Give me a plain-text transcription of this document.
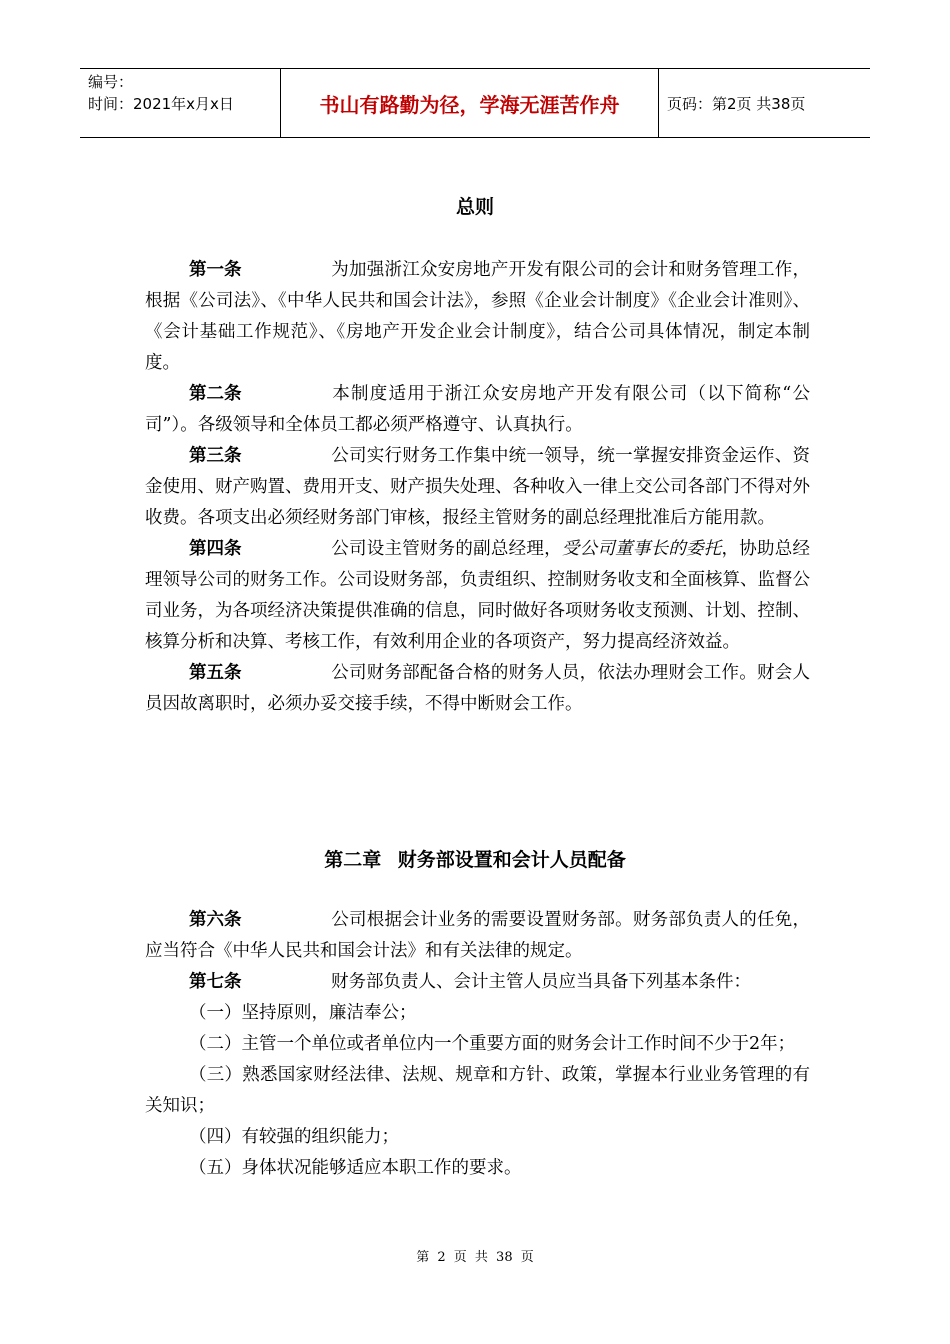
编号：
时间：2021年x月x日	书山有路勤为径，学海无涯苦作舟	页码：第2页 共38页
总则

第一条	为加强浙江众安房地产开发有限公司的会计和财务管理工作，根据《公司法》、《中华人民共和国会计法》，参照《企业会计制度》《企业会计准则》、《会计基础工作规范》、《房地产开发企业会计制度》，结合公司具体情况，制定本制度。

第二条	本制度适用于浙江众安房地产开发有限公司（以下简称“公司”）。各级领导和全体员工都必须严格遵守、认真执行。

第三条	公司实行财务工作集中统一领导，统一掌握安排资金运作、资金使用、财产购置、费用开支、财产损失处理、各种收入一律上交公司各部门不得对外收费。各项支出必须经财务部门审核，报经主管财务的副总经理批准后方能用款。

第四条	公司设主管财务的副总经理，受公司董事长的委托，协助总经理领导公司的财务工作。公司设财务部，负责组织、控制财务收支和全面核算、监督公司业务，为各项经济决策提供准确的信息，同时做好各项财务收支预测、计划、控制、核算分析和决算、考核工作，有效利用企业的各项资产，努力提高经济效益。

第五条	公司财务部配备合格的财务人员，依法办理财会工作。财会人员因故离职时，必须办妥交接手续，不得中断财会工作。

第二章 财务部设置和会计人员配备

第六条	公司根据会计业务的需要设置财务部。财务部负责人的任免，应当符合《中华人民共和国会计法》和有关法律的规定。

第七条	财务部负责人、会计主管人员应当具备下列基本条件：

（一）坚持原则，廉洁奉公；

（二）主管一个单位或者单位内一个重要方面的财务会计工作时间不少于2年；

（三）熟悉国家财经法律、法规、规章和方针、政策，掌握本行业业务管理的有关知识；

（四）有较强的组织能力；

（五）身体状况能够适应本职工作的要求。

第 2 页 共 38 页
